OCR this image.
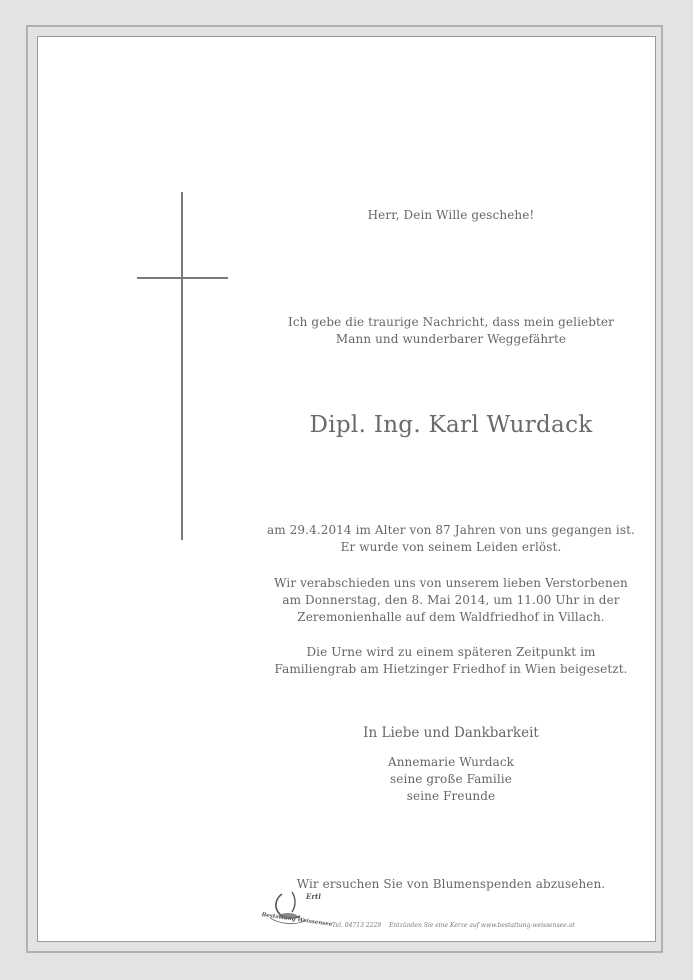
Herr, Dein Wille geschehe!
Ich gebe die traurige Nachricht, dass mein geliebter
Mann und wunderbarer Weggefährte
Dipl. Ing. Karl Wurdack
am 29.4.2014 im Alter von 87 Jahren von uns gegangen ist.
Er wurde von seinem Leiden erlöst.
Wir verabschieden uns von unserem lieben Verstorbenen
am Donnerstag, den 8. Mai 2014, um 11.00 Uhr in der
Zeremonienhalle auf dem Waldfriedhof in Villach.
Die Urne wird zu einem späteren Zeitpunkt im
Familiengrab am Hietzinger Friedhof in Wien beigesetzt.
In Liebe und Dankbarkeit
Annemarie Wurdack
seine große Familie
seine Freunde
Wir ersuchen Sie von Blumenspenden abzusehen.
Ertl
Bestattung Weissensee Tel. 04713 2229 Entzünden Sie eine Kerze auf www.bestattung-weissensee.at
